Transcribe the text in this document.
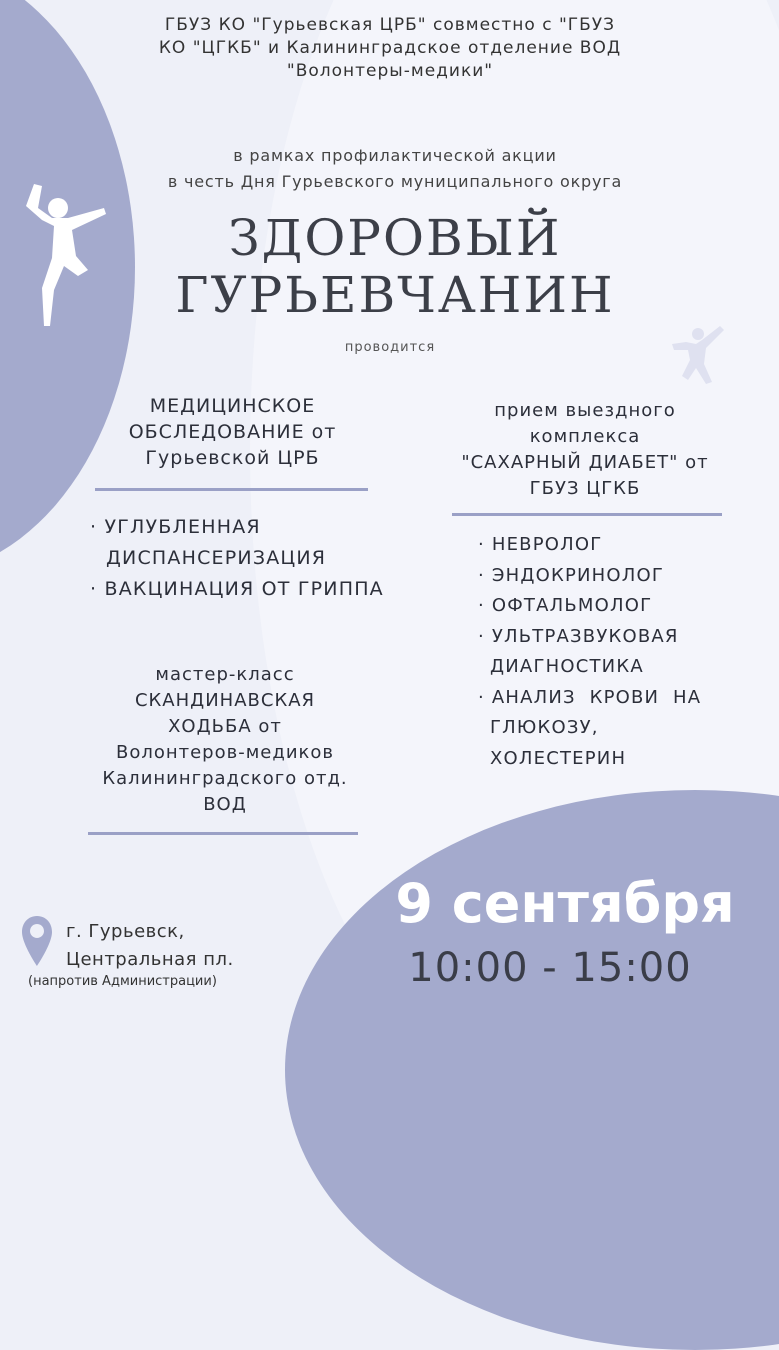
ГБУЗ КО "Гурьевская ЦРБ" совместно с "ГБУЗ
КО "ЦГКБ" и Калининградское отделение ВОД
"Волонтеры-медики"
в рамках профилактической акции
в честь Дня Гурьевского муниципального округа
ЗДОРОВЫЙ
ГУРЬЕВЧАНИН
проводится
МЕДИЦИНСКОЕ
ОБСЛЕДОВАНИЕ от
Гурьевской ЦРБ
· УГЛУБЛЕННАЯ
ДИСПАНСЕРИЗАЦИЯ
· ВАКЦИНАЦИЯ ОТ ГРИППА
прием выездного
комплекса
"САХАРНЫЙ ДИАБЕТ" от
ГБУЗ ЦГКБ
· НЕВРОЛОГ
· ЭНДОКРИНОЛОГ
· ОФТАЛЬМОЛОГ
· УЛЬТРАЗВУКОВАЯ
ДИАГНОСТИКА
· АНАЛИЗ  КРОВИ  НА
ГЛЮКОЗУ,
ХОЛЕСТЕРИН
мастер-класс
СКАНДИНАВСКАЯ
ХОДЬБА от
Волонтеров-медиков
Калининградского отд.
ВОД
9 сентября
10:00 - 15:00
г. Гурьевск,
Центральная пл.
(напротив Администрации)
